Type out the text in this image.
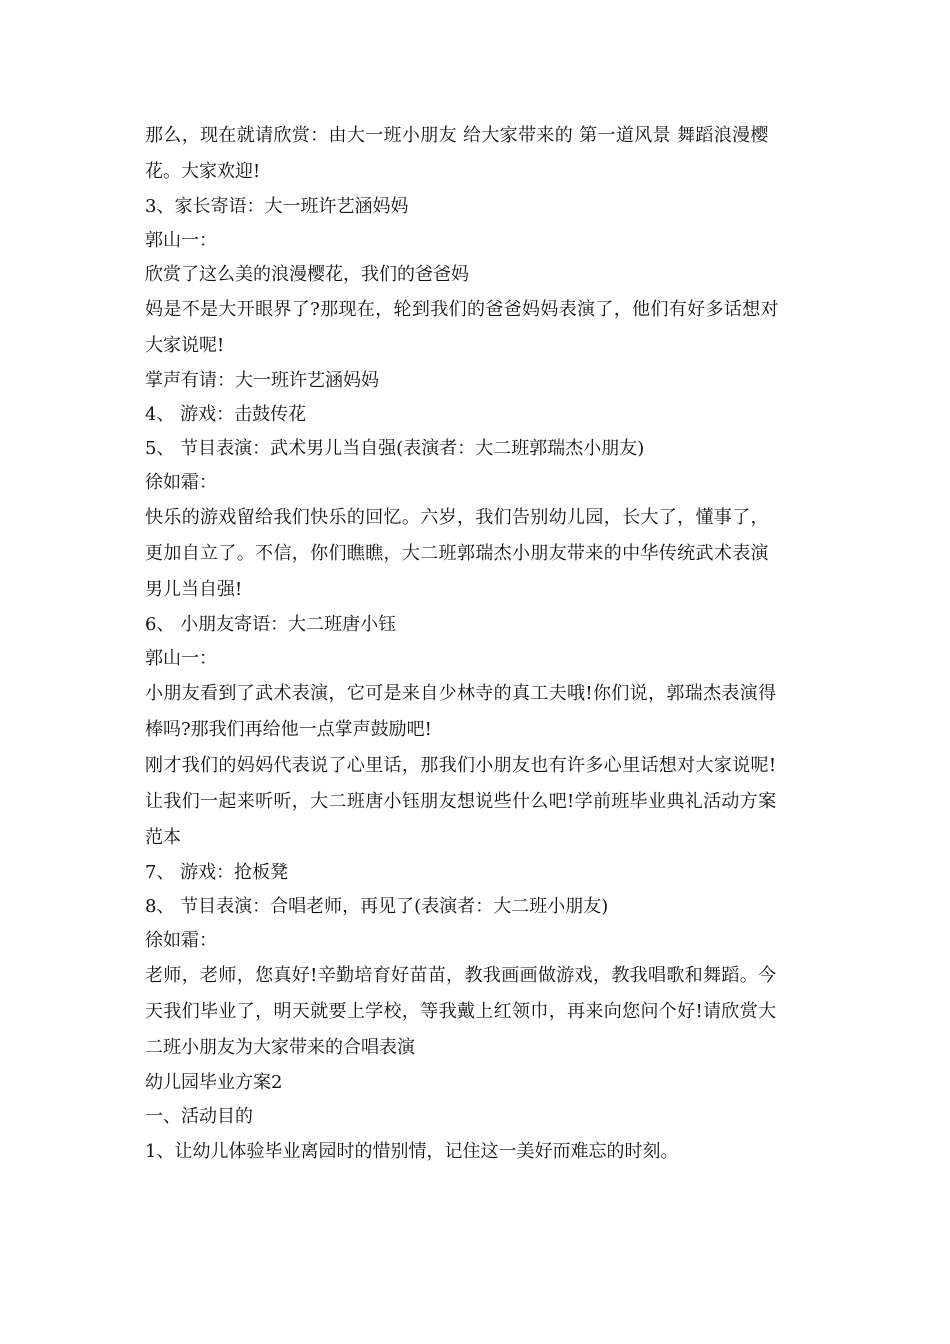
那么，现在就请欣赏：由大一班小朋友 给大家带来的 第一道风景 舞蹈浪漫樱
花。大家欢迎!
3、家长寄语：大一班许艺涵妈妈
郭山一：
欣赏了这么美的浪漫樱花，我们的爸爸妈
妈是不是大开眼界了?那现在，轮到我们的爸爸妈妈表演了，他们有好多话想对
大家说呢!
掌声有请：大一班许艺涵妈妈
4、 游戏：击鼓传花
5、 节目表演：武术男儿当自强(表演者：大二班郭瑞杰小朋友)
徐如霜：
快乐的游戏留给我们快乐的回忆。六岁，我们告别幼儿园，长大了，懂事了，
更加自立了。不信，你们瞧瞧，大二班郭瑞杰小朋友带来的中华传统武术表演
男儿当自强!
6、 小朋友寄语：大二班唐小钰
郭山一：
小朋友看到了武术表演，它可是来自少林寺的真工夫哦!你们说，郭瑞杰表演得
棒吗?那我们再给他一点掌声鼓励吧!
刚才我们的妈妈代表说了心里话，那我们小朋友也有许多心里话想对大家说呢!
让我们一起来听听，大二班唐小钰朋友想说些什么吧!学前班毕业典礼活动方案
范本
7、 游戏：抢板凳
8、 节目表演：合唱老师，再见了(表演者：大二班小朋友)
徐如霜：
老师，老师，您真好!辛勤培育好苗苗，教我画画做游戏，教我唱歌和舞蹈。今
天我们毕业了，明天就要上学校，等我戴上红领巾，再来向您问个好!请欣赏大
二班小朋友为大家带来的合唱表演
幼儿园毕业方案2
一、活动目的
1、让幼儿体验毕业离园时的惜别情，记住这一美好而难忘的时刻。
